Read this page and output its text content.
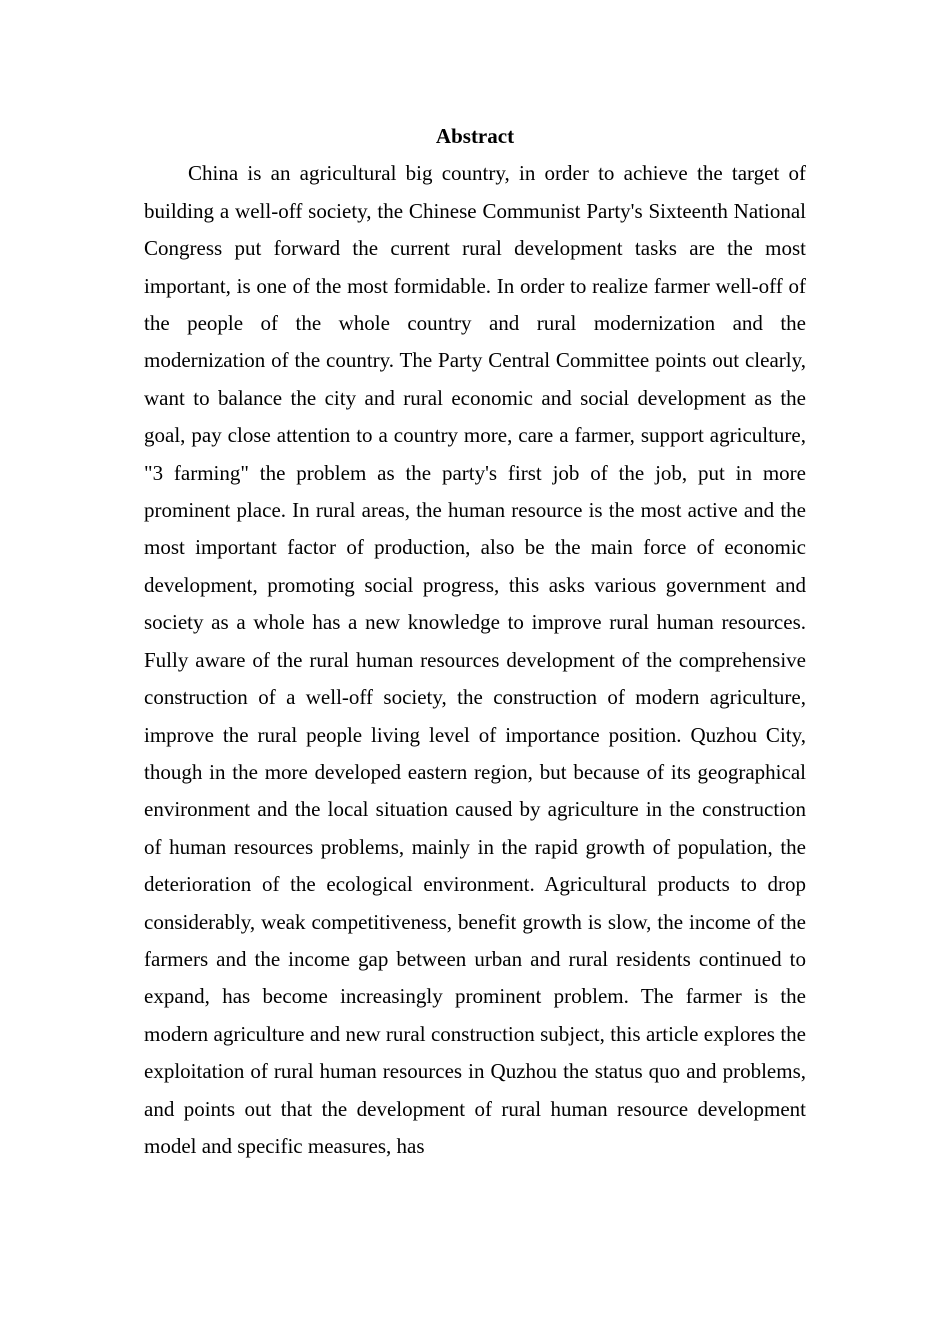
Abstract

China is an agricultural big country, in order to achieve the target of building a well-off society, the Chinese Communist Party's Sixteenth National Congress put forward the current rural development tasks are the most important, is one of the most formidable. In order to realize farmer well-off of the people of the whole country and rural modernization and the modernization of the country. The Party Central Committee points out clearly, want to balance the city and rural economic and social development as the goal, pay close attention to a country more, care a farmer, support agriculture, "3 farming" the problem as the party's first job of the job, put in more prominent place. In rural areas, the human resource is the most active and the most important factor of production, also be the main force of economic development, promoting social progress, this asks various government and society as a whole has a new knowledge to improve rural human resources. Fully aware of the rural human resources development of the comprehensive construction of a well-off society, the construction of modern agriculture, improve the rural people living level of importance position. Quzhou City, though in the more developed eastern region, but because of its geographical environment and the local situation caused by agriculture in the construction of human resources problems, mainly in the rapid growth of population, the deterioration of the ecological environment. Agricultural products to drop considerably, weak competitiveness, benefit growth is slow, the income of the farmers and the income gap between urban and rural residents continued to expand, has become increasingly prominent problem. The farmer is the modern agriculture and new rural construction subject, this article explores the exploitation of rural human resources in Quzhou the status quo and problems, and points out that the development of rural human resource development model and specific measures, has
